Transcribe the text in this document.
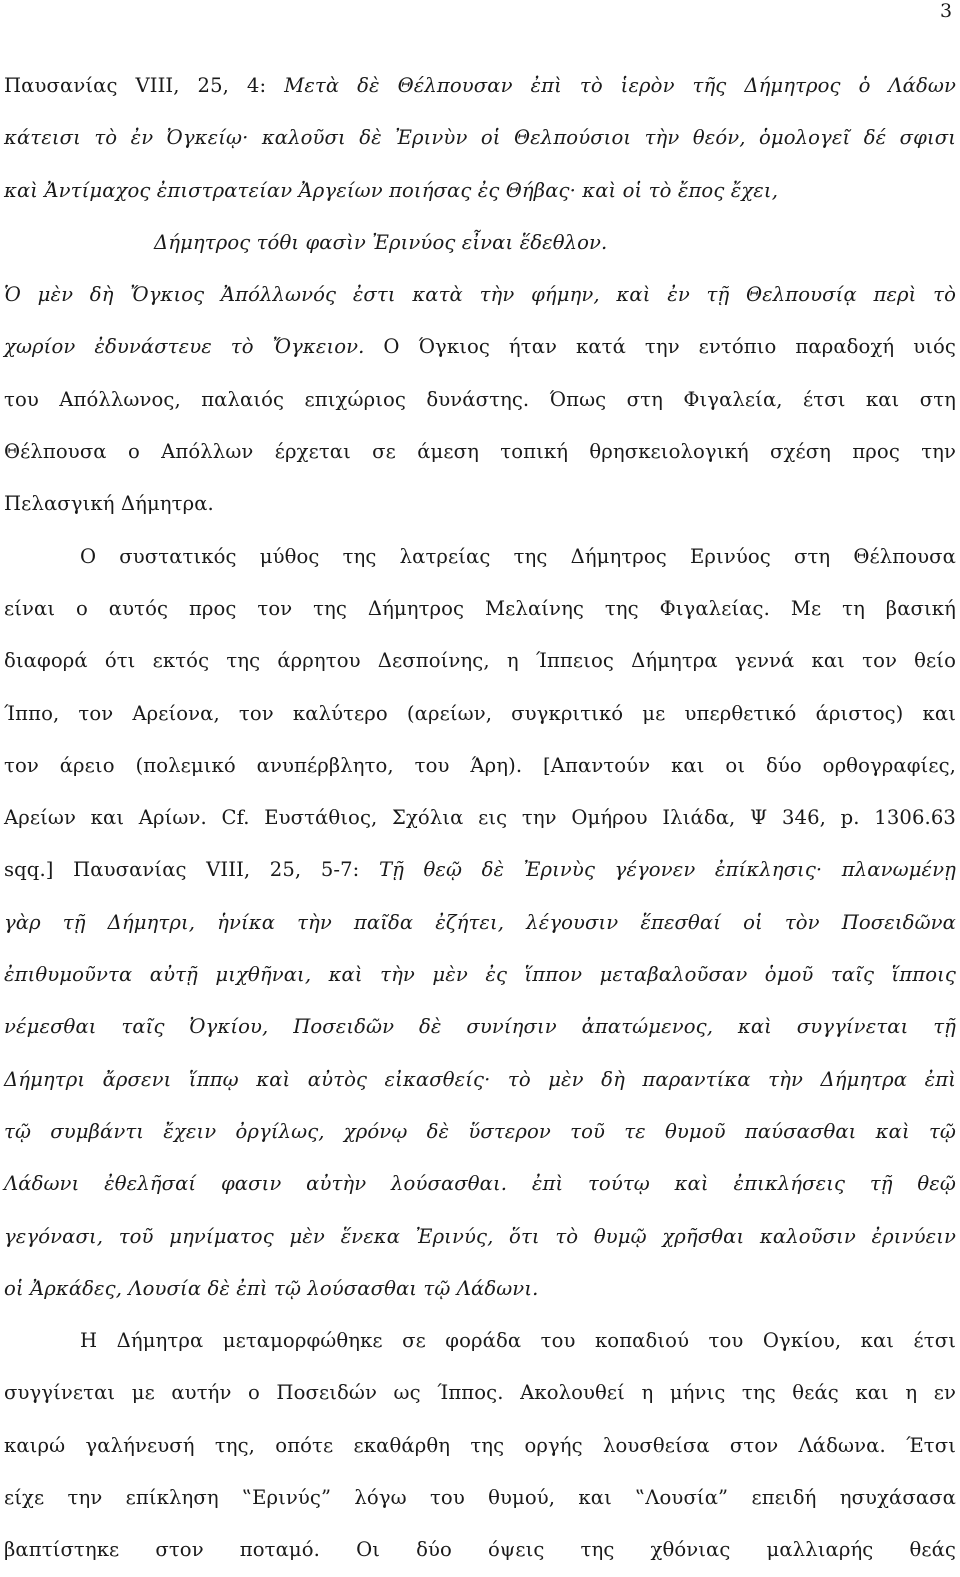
3
Παυσανίας VIII, 25, 4: Μετὰ δὲ Θέλπουσαν ἐπὶ τὸ ἱερὸν τῆς Δήμητρος ὁ Λάδων
κάτεισι τὸ ἐν Ὀγκείῳ· καλοῦσι δὲ Ἐρινὺν οἱ Θελπούσιοι τὴν θεόν, ὁμολογεῖ δέ σφισι
καὶ Ἀντίμαχος ἐπιστρατείαν Ἀργείων ποιήσας ἐς Θήβας· καὶ οἱ τὸ ἔπος ἔχει,
Δήμητρος τόθι φασὶν Ἐρινύος εἶναι ἕδεθλον.
Ὁ μὲν δὴ Ὄγκιος Ἀπόλλωνός ἐστι κατὰ τὴν φήμην, καὶ ἐν τῇ Θελπουσίᾳ περὶ τὸ
χωρίον ἐδυνάστευε τὸ Ὄγκειον. Ο Όγκιος ήταν κατά την εντόπιο παραδοχή υιός
του Απόλλωνος, παλαιός επιχώριος δυνάστης. Όπως στη Φιγαλεία, έτσι και στη
Θέλπουσα ο Απόλλων έρχεται σε άμεση τοπική θρησκειολογική σχέση προς την
Πελασγική Δήμητρα.
Ο συστατικός μύθος της λατρείας της Δήμητρος Ερινύος στη Θέλπουσα
είναι ο αυτός προς τον της Δήμητρος Μελαίνης της Φιγαλείας. Με τη βασική
διαφορά ότι εκτός της άρρητου Δεσποίνης, η Ίππειος Δήμητρα γεννά και τον θείο
Ίππο, τον Αρείονα, τον καλύτερο (αρείων, συγκριτικό με υπερθετικό άριστος) και
τον άρειο (πολεμικό ανυπέρβλητο, του Άρη). [Απαντούν και οι δύο ορθογραφίες,
Αρείων και Αρίων. Cf. Ευστάθιος, Σχόλια εις την Ομήρου Ιλιάδα, Ψ 346, p. 1306.63
sqq.] Παυσανίας VIII, 25, 5-7: Τῇ θεῷ δὲ Ἐρινὺς γέγονεν ἐπίκλησις· πλανωμένῃ
γὰρ τῇ Δήμητρι, ἡνίκα τὴν παῖδα ἐζήτει, λέγουσιν ἕπεσθαί οἱ τὸν Ποσειδῶνα
ἐπιθυμοῦντα αὐτῇ μιχθῆναι, καὶ τὴν μὲν ἐς ἵππον μεταβαλοῦσαν ὁμοῦ ταῖς ἵπποις
νέμεσθαι ταῖς Ὀγκίου, Ποσειδῶν δὲ συνίησιν ἀπατώμενος, καὶ συγγίνεται τῇ
Δήμητρι ἄρσενι ἵππῳ καὶ αὐτὸς εἰκασθείς· τὸ μὲν δὴ παραντίκα τὴν Δήμητρα ἐπὶ
τῷ συμβάντι ἔχειν ὀργίλως, χρόνῳ δὲ ὕστερον τοῦ τε θυμοῦ παύσασθαι καὶ τῷ
Λάδωνι ἐθελῆσαί φασιν αὐτὴν λούσασθαι. ἐπὶ τούτῳ καὶ ἐπικλήσεις τῇ θεῷ
γεγόνασι, τοῦ μηνίματος μὲν ἕνεκα Ἐρινύς, ὅτι τὸ θυμῷ χρῆσθαι καλοῦσιν ἐρινύειν
οἱ Ἀρκάδες, Λουσία δὲ ἐπὶ τῷ λούσασθαι τῷ Λάδωνι.
Η Δήμητρα μεταμορφώθηκε σε φοράδα του κοπαδιού του Ογκίου, και έτσι
συγγίνεται με αυτήν ο Ποσειδών ως Ίππος. Ακολουθεί η μήνις της θεάς και η εν
καιρώ γαλήνευσή της, οπότε εκαθάρθη της οργής λουσθείσα στον Λάδωνα. Έτσι
είχε την επίκληση ‟Ερινύς” λόγω του θυμού, και ‟Λουσία” επειδή ησυχάσασα
βαπτίστηκε στον ποταμό. Οι δύο όψεις της χθόνιας μαλλιαρής θεάς
